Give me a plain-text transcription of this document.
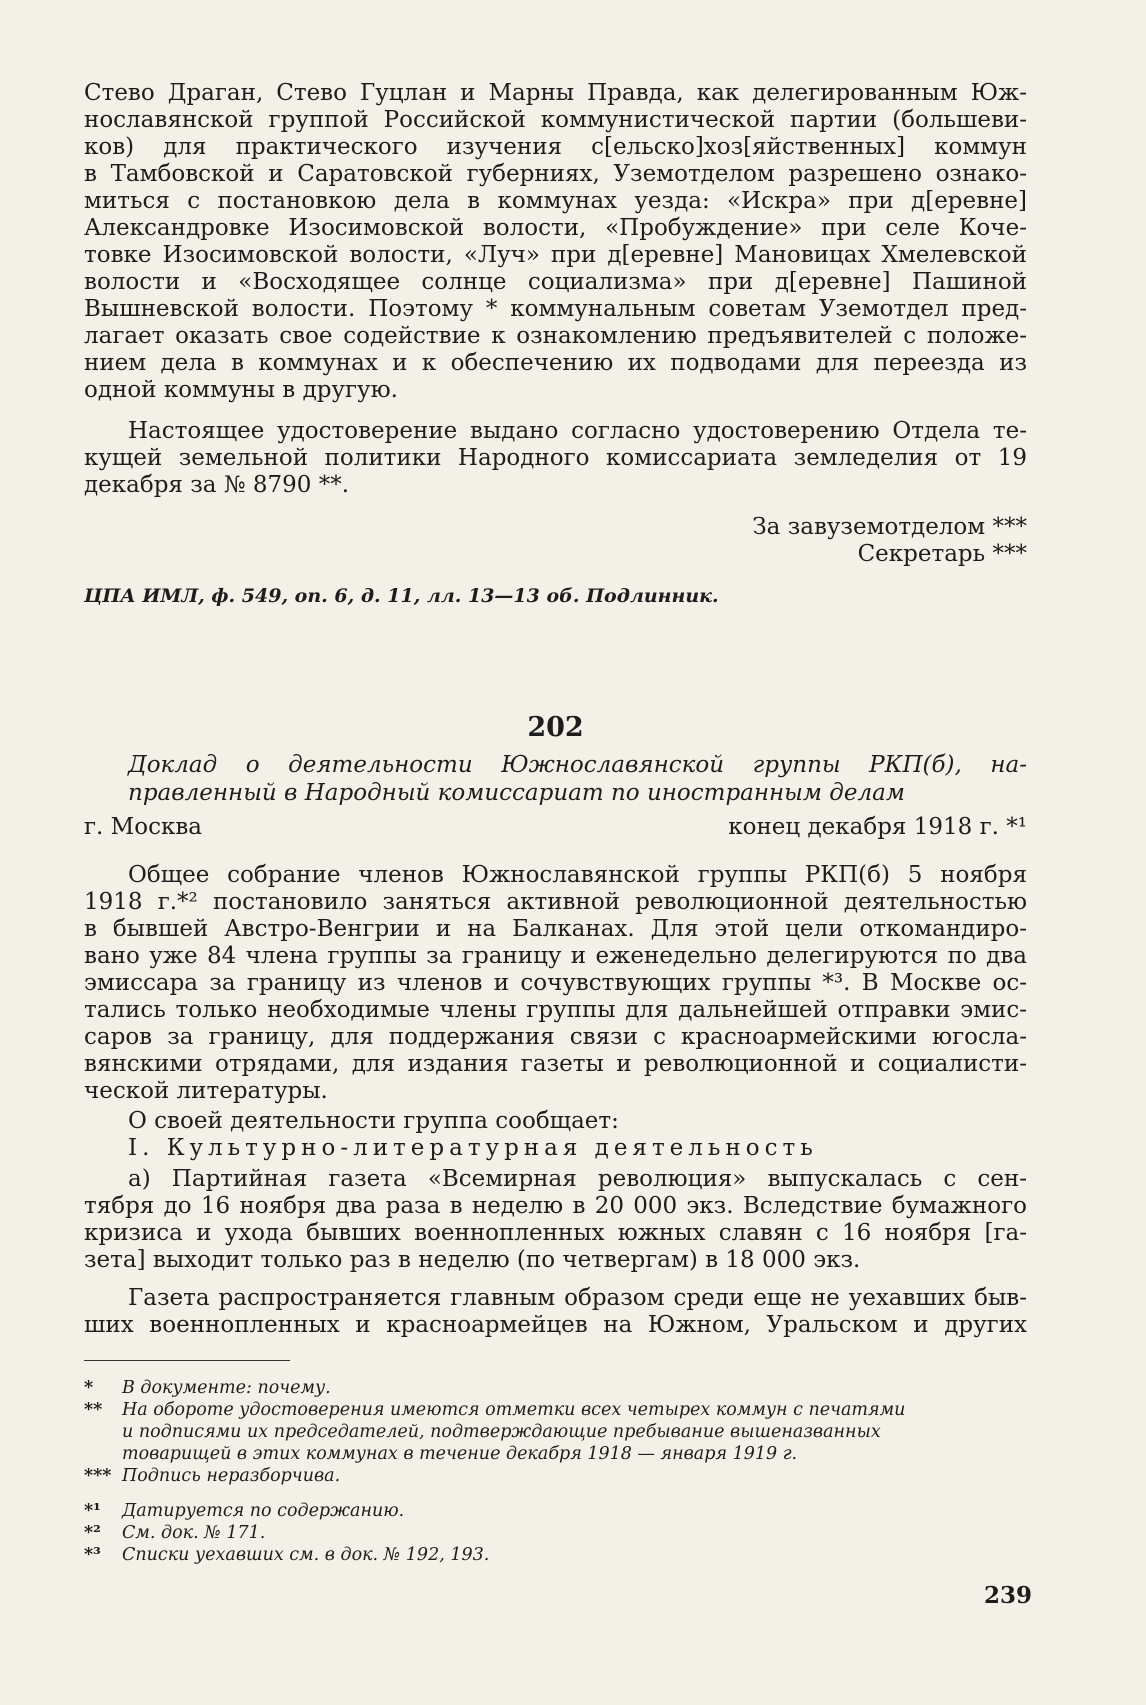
Стево Драган, Стево Гуцлан и Марны Правда, как делегированным Юж-
нославянской группой Российской коммунистической партии (большеви-
ков) для практического изучения с[ельско]хоз[яйственных] коммун
в Тамбовской и Саратовской губерниях, Уземотделом разрешено ознако-
миться с постановкою дела в коммунах уезда: «Искра» при д[еревне]
Александровке Изосимовской волости, «Пробуждение» при селе Коче-
товке Изосимовской волости, «Луч» при д[еревне] Мановицах Хмелевской
волости и «Восходящее солнце социализма» при д[еревне] Пашиной
Вышневской волости. Поэтому * коммунальным советам Уземотдел пред-
лагает оказать свое содействие к ознакомлению предъявителей с положе-
нием дела в коммунах и к обеспечению их подводами для переезда из
одной коммуны в другую.
Настоящее удостоверение выдано согласно удостоверению Отдела те-
кущей земельной политики Народного комиссариата земледелия от 19
декабря за № 8790 **.
За завуземотделом ***
Секретарь ***
ЦПА ИМЛ, ф. 549, оп. 6, д. 11, лл. 13—13 об. Подлинник.
202
Доклад о деятельности Южнославянской группы РКП(б), на-
правленный в Народный комиссариат по иностранным делам
г. Москва	конец декабря 1918 г. *¹
Общее собрание членов Южнославянской группы РКП(б) 5 ноября
1918 г.*² постановило заняться активной революционной деятельностью
в бывшей Австро-Венгрии и на Балканах. Для этой цели откомандиро-
вано уже 84 члена группы за границу и еженедельно делегируются по два
эмиссара за границу из членов и сочувствующих группы *³. В Москве ос-
тались только необходимые члены группы для дальнейшей отправки эмис-
саров за границу, для поддержания связи с красноармейскими югосла-
вянскими отрядами, для издания газеты и революционной и социалисти-
ческой литературы.
О своей деятельности группа сообщает:
I. Культурно-литературная деятельность
а) Партийная газета «Всемирная революция» выпускалась с сен-
тября до 16 ноября два раза в неделю в 20 000 экз. Вследствие бумажного
кризиса и ухода бывших военнопленных южных славян с 16 ноября [га-
зета] выходит только раз в неделю (по четвергам) в 18 000 экз.
Газета распространяется главным образом среди еще не уехавших быв-
ших военнопленных и красноармейцев на Южном, Уральском и других
* В документе: почему.
** На обороте удостоверения имеются отметки всех четырех коммун с печатями
и подписями их председателей, подтверждающие пребывание вышеназванных
товарищей в этих коммунах в течение декабря 1918 — января 1919 г.
*** Подпись неразборчива.
*¹ Датируется по содержанию.
*² См. док. № 171.
*³ Списки уехавших см. в док. № 192, 193.
239
